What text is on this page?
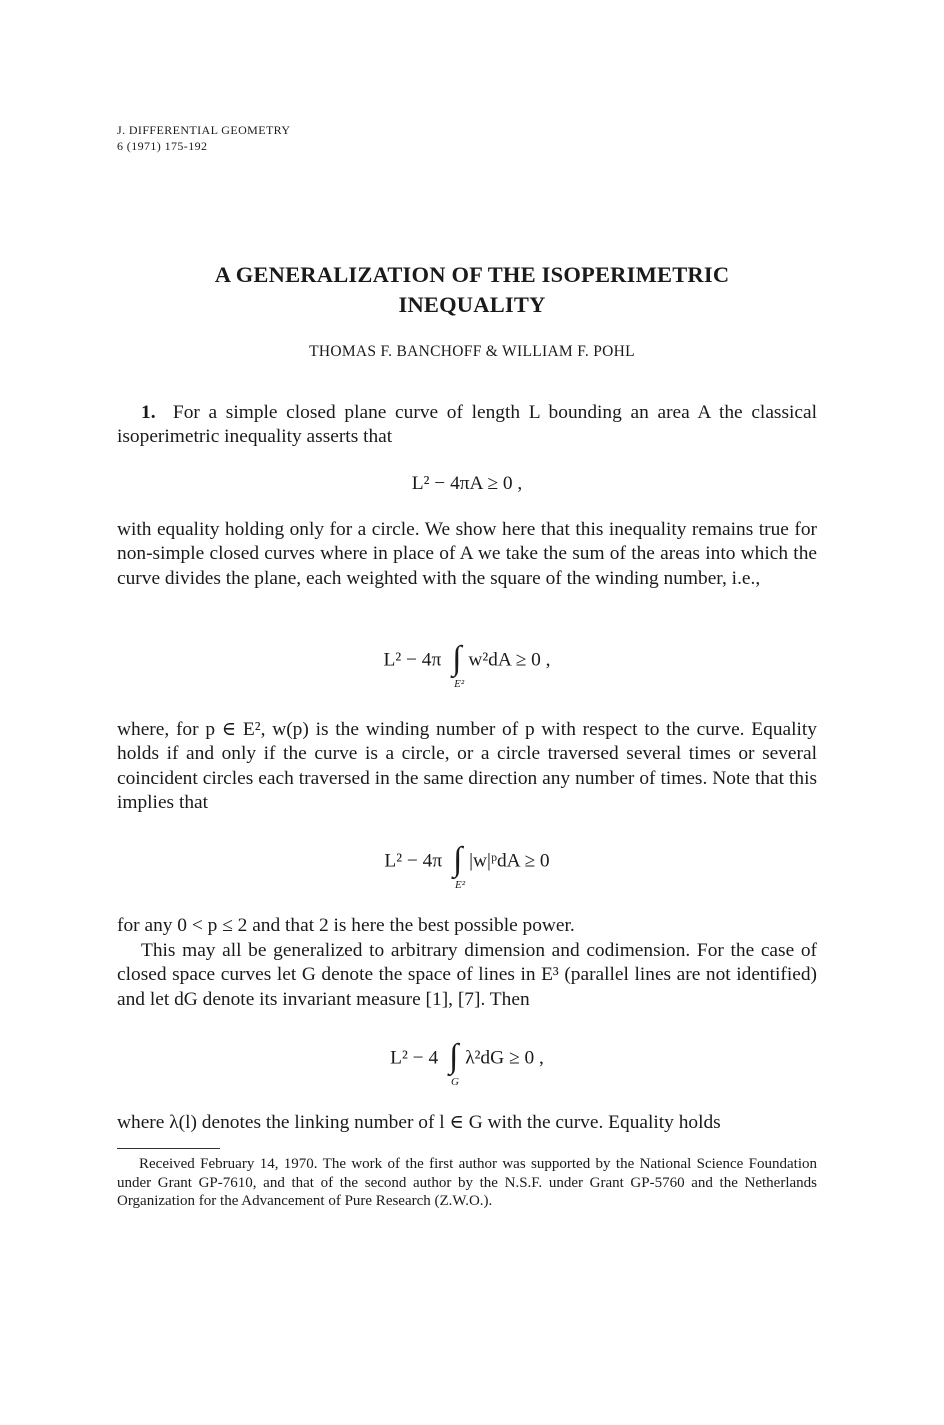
J. DIFFERENTIAL GEOMETRY
6 (1971) 175-192
A GENERALIZATION OF THE ISOPERIMETRIC
INEQUALITY
THOMAS F. BANCHOFF & WILLIAM F. POHL
1. For a simple closed plane curve of length L bounding an area A the classical isoperimetric inequality asserts that
L² − 4πA ≥ 0 ,
with equality holding only for a circle. We show here that this inequality remains true for non-simple closed curves where in place of A we take the sum of the areas into which the curve divides the plane, each weighted with the square of the winding number, i.e.,
L² − 4π ∫
E²
w²dA ≥ 0 ,
where, for p ∈ E², w(p) is the winding number of p with respect to the curve. Equality holds if and only if the curve is a circle, or a circle traversed several times or several coincident circles each traversed in the same direction any number of times. Note that this implies that
L² − 4π ∫
E²
|w|ᵖdA ≥ 0
for any 0 < p ≤ 2 and that 2 is here the best possible power.
This may all be generalized to arbitrary dimension and codimension. For the case of closed space curves let G denote the space of lines in E³ (parallel lines are not identified) and let dG denote its invariant measure [1], [7]. Then
L² − 4 ∫
G
λ²dG ≥ 0 ,
where λ(l) denotes the linking number of l ∈ G with the curve. Equality holds
Received February 14, 1970. The work of the first author was supported by the National Science Foundation under Grant GP-7610, and that of the second author by the N.S.F. under Grant GP-5760 and the Netherlands Organization for the Advancement of Pure Research (Z.W.O.).
